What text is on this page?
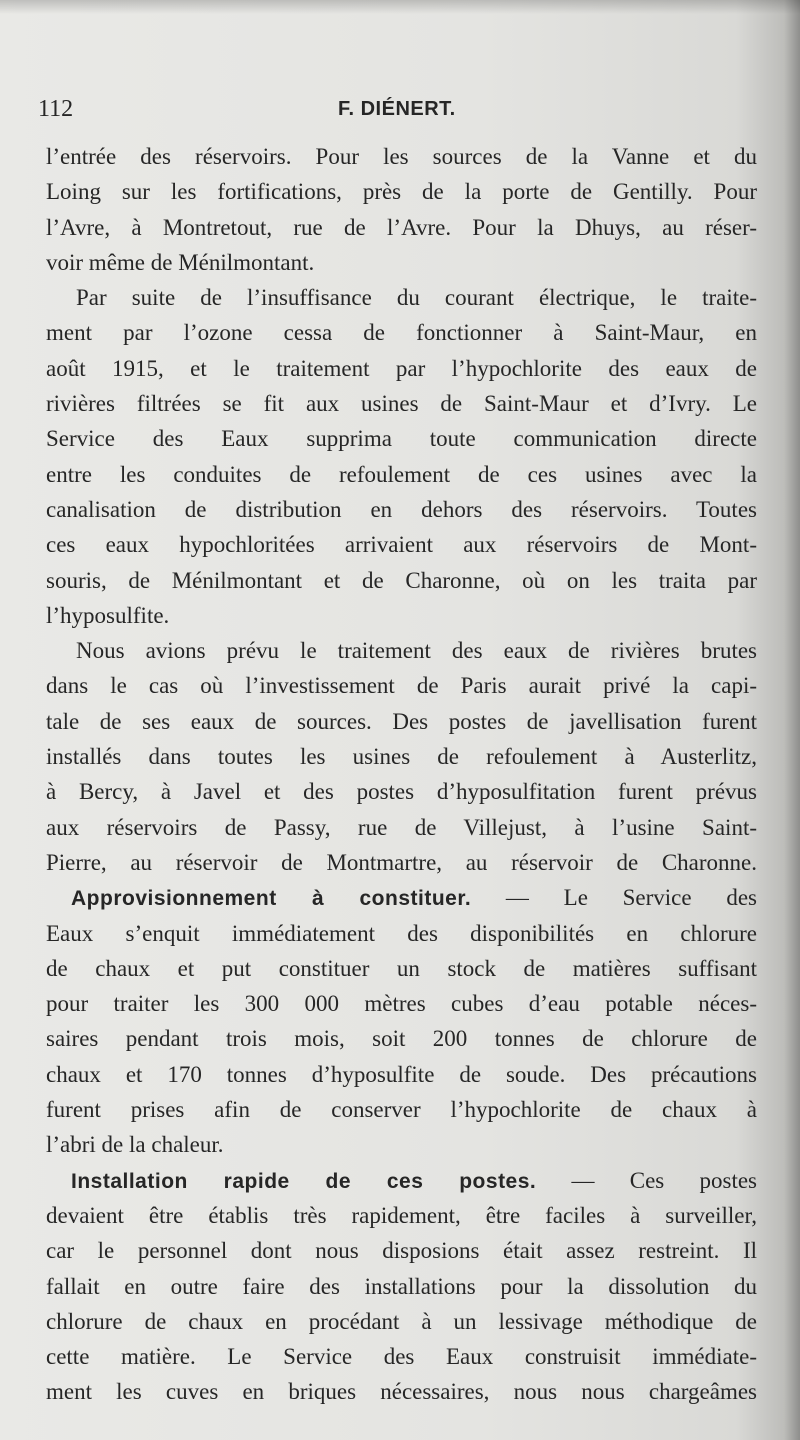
112	F. DIÉNERT.
l’entrée des réservoirs. Pour les sources de la Vanne et du
Loing sur les fortifications, près de la porte de Gentilly. Pour
l’Avre, à Montretout, rue de l’Avre. Pour la Dhuys, au réser-
voir même de Ménilmontant.
Par suite de l’insuffisance du courant électrique, le traite-
ment par l’ozone cessa de fonctionner à Saint-Maur, en
août 1915, et le traitement par l’hypochlorite des eaux de
rivières filtrées se fit aux usines de Saint-Maur et d’Ivry. Le
Service des Eaux supprima toute communication directe
entre les conduites de refoulement de ces usines avec la
canalisation de distribution en dehors des réservoirs. Toutes
ces eaux hypochloritées arrivaient aux réservoirs de Mont-
souris, de Ménilmontant et de Charonne, où on les traita par
l’hyposulfite.
Nous avions prévu le traitement des eaux de rivières brutes
dans le cas où l’investissement de Paris aurait privé la capi-
tale de ses eaux de sources. Des postes de javellisation furent
installés dans toutes les usines de refoulement à Austerlitz,
à Bercy, à Javel et des postes d’hyposulfitation furent prévus
aux réservoirs de Passy, rue de Villejust, à l’usine Saint-
Pierre, au réservoir de Montmartre, au réservoir de Charonne.
Approvisionnement à constituer. — Le Service des
Eaux s’enquit immédiatement des disponibilités en chlorure
de chaux et put constituer un stock de matières suffisant
pour traiter les 300 000 mètres cubes d’eau potable néces-
saires pendant trois mois, soit 200 tonnes de chlorure de
chaux et 170 tonnes d’hyposulfite de soude. Des précautions
furent prises afin de conserver l’hypochlorite de chaux à
l’abri de la chaleur.
Installation rapide de ces postes. — Ces postes
devaient être établis très rapidement, être faciles à surveiller,
car le personnel dont nous disposions était assez restreint. Il
fallait en outre faire des installations pour la dissolution du
chlorure de chaux en procédant à un lessivage méthodique de
cette matière. Le Service des Eaux construisit immédiate-
ment les cuves en briques nécessaires, nous nous chargeâmes
